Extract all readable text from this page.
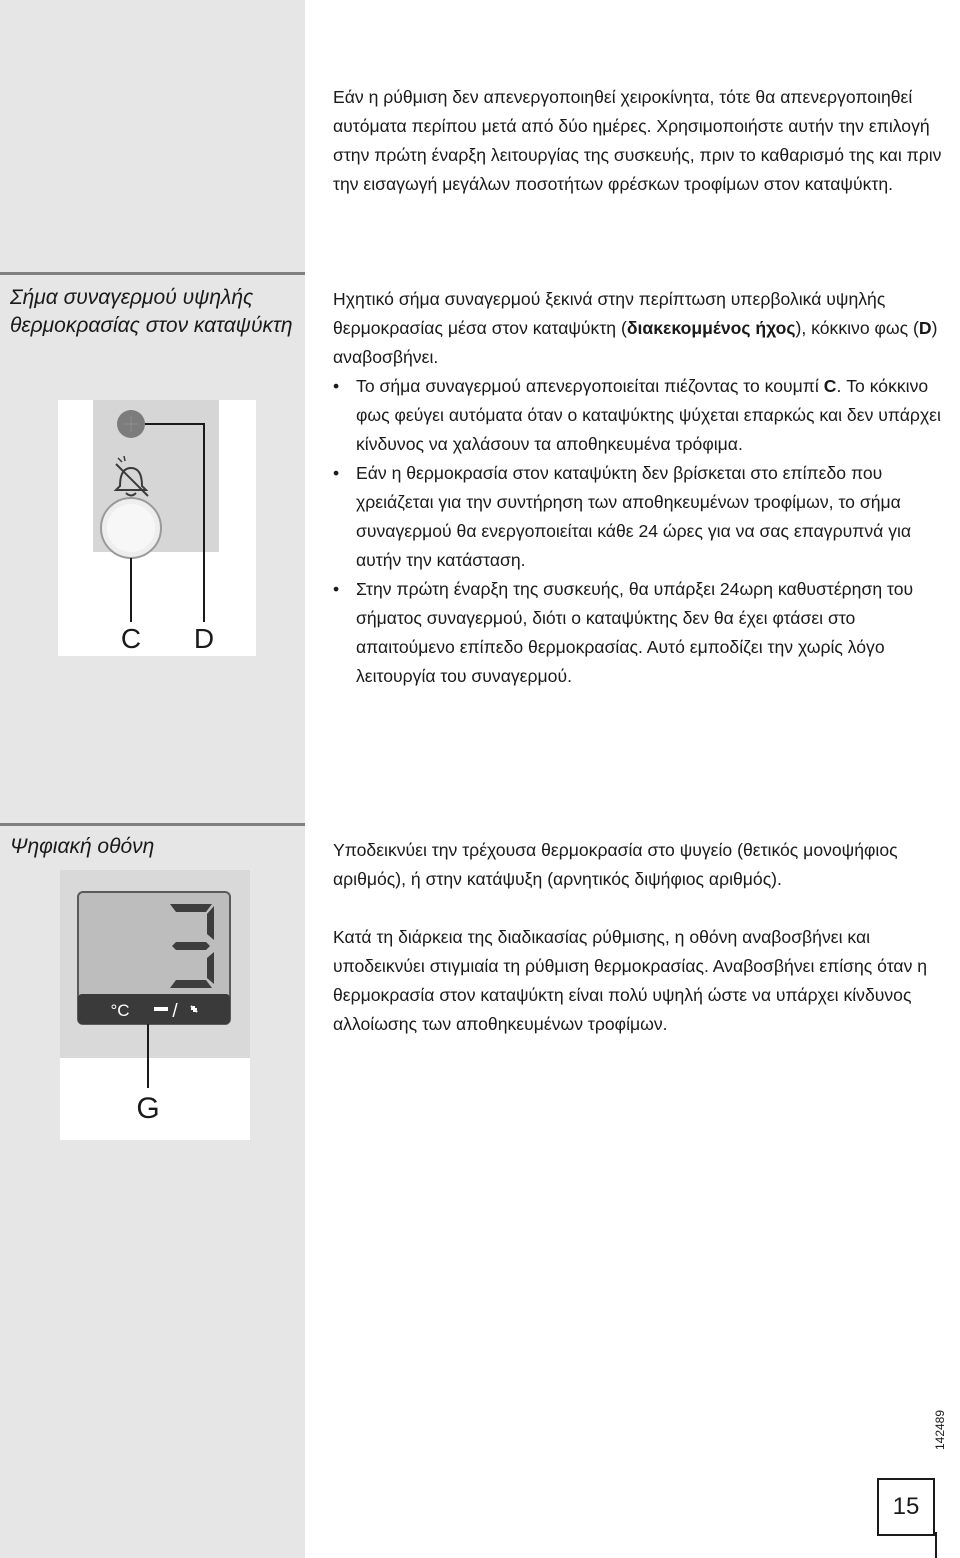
Εάν η ρύθμιση δεν απενεργοποιηθεί χειροκίνητα, τότε θα απενεργοποιηθεί αυτόματα περίπου μετά από δύο ημέρες. Χρησιμοποιήστε αυτήν την επιλογή στην πρώτη έναρξη λειτουργίας της συσκευής, πριν το καθαρισμό της και πριν την εισαγωγή μεγάλων ποσοτήτων φρέσκων τροφίμων στον καταψύκτη.

Σήμα συναγερμού υψηλής θερμοκρασίας στον καταψύκτη

Ηχητικό σήμα συναγερμού ξεκινά στην περίπτωση υπερβολικά υψηλής θερμοκρασίας μέσα στον καταψύκτη (διακεκομμένος ήχος), κόκκινο φως (D) αναβοσβήνει.

• Το σήμα συναγερμού απενεργοποιείται πιέζοντας το κουμπί C. Το κόκκινο φως φεύγει αυτόματα όταν ο καταψύκτης ψύχεται επαρκώς και δεν υπάρχει κίνδυνος να χαλάσουν τα αποθηκευμένα τρόφιμα.
• Εάν η θερμοκρασία στον καταψύκτη δεν βρίσκεται στο επίπεδο που χρειάζεται για την συντήρηση των αποθηκευμένων τροφίμων, το σήμα συναγερμού θα ενεργοποιείται κάθε 24 ώρες για να σας επαγρυπνά για αυτήν την κατάσταση.
• Στην πρώτη έναρξη της συσκευής, θα υπάρξει 24ωρη καθυστέρηση του σήματος συναγερμού, διότι ο καταψύκτης δεν θα έχει φτάσει στο απαιτούμενο επίπεδο θερμοκρασίας. Αυτό εμποδίζει την χωρίς λόγο λειτουργία του συναγερμού.
C D
Ψηφιακή οθόνη	Υποδεικνύει την τρέχουσα θερμοκρασία στο ψυγείο (θετικός μονοψήφιος αριθμός), ή στην κατάψυξη (αρνητικός διψήφιος αριθμός).

Κατά τη διάρκεια της διαδικασίας ρύθμισης, η οθόνη αναβοσβήνει και υποδεικνύει στιγμιαία τη ρύθμιση θερμοκρασίας. Αναβοσβήνει επίσης όταν η θερμοκρασία στον καταψύκτη είναι πολύ υψηλή ώστε να υπάρχει κίνδυνος αλλοίωσης των αποθηκευμένων τροφίμων.

°C /
G
142489
15
